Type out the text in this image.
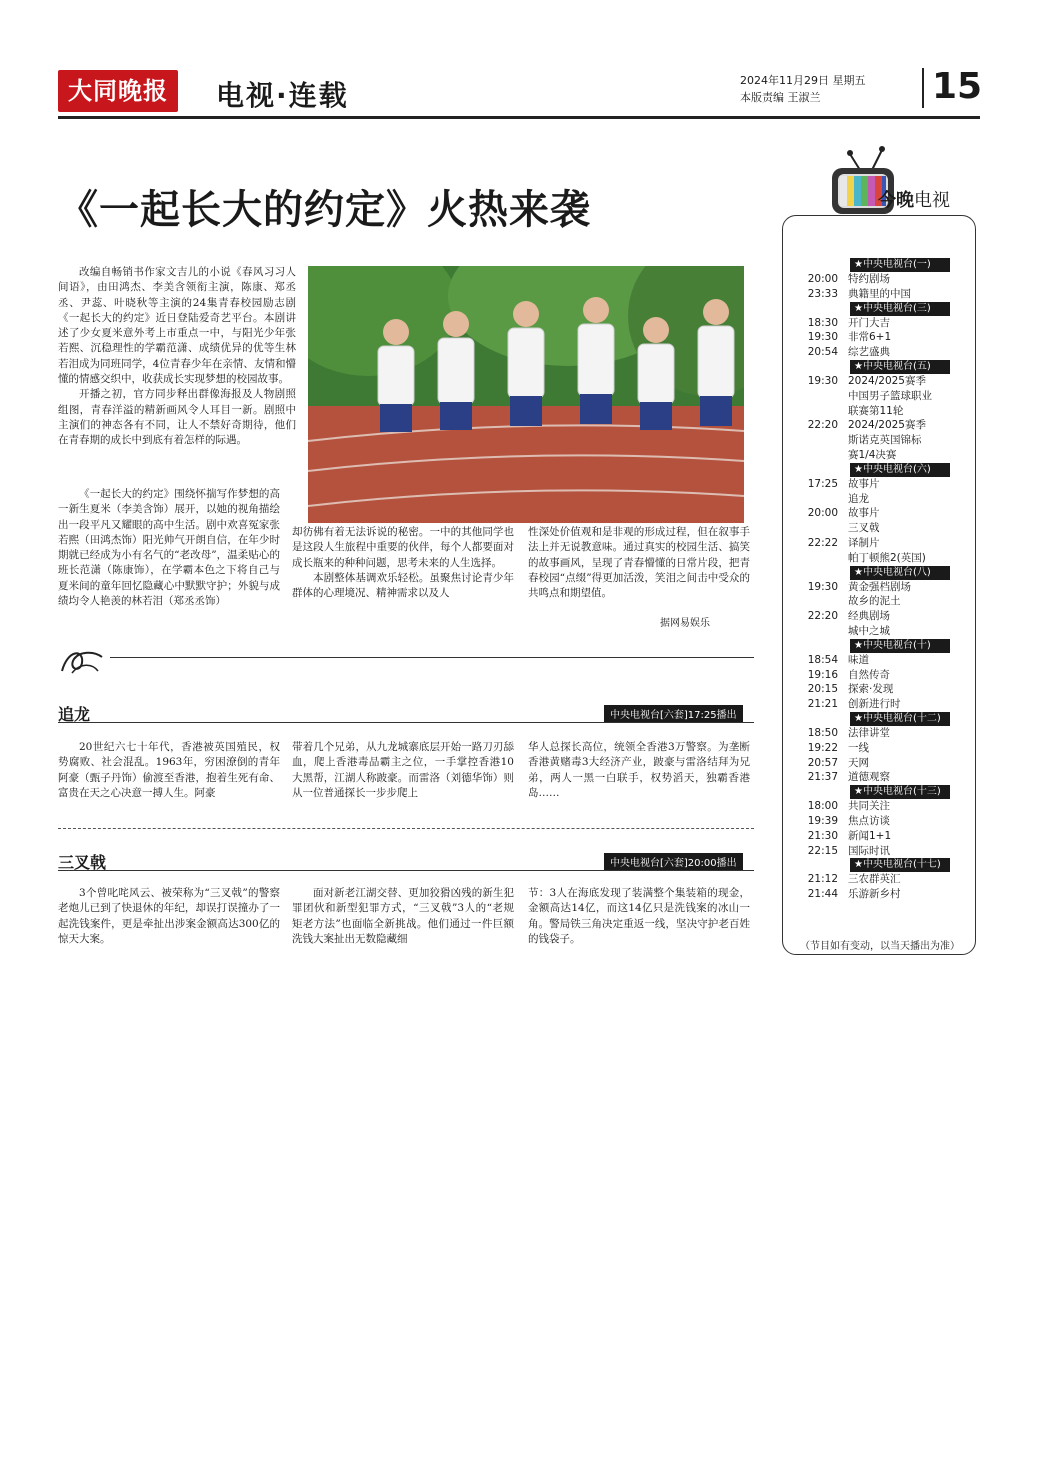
大同晚报	电视·连载	2024年11月29日 星期五
本版责编 王淑兰	15
《一起长大的约定》火热来袭

改编自畅销书作家文吉儿的小说《春风习习人间语》，由田鸿杰、李美含领衔主演，陈康、郑丞丞、尹蕊、叶晓秋等主演的24集青春校园励志剧《一起长大的约定》近日登陆爱奇艺平台。本剧讲述了少女夏米意外考上市重点一中，与阳光少年张若熙、沉稳理性的学霸范潇、成绩优异的优等生林若泪成为同班同学，4位青春少年在亲情、友情和懵懂的情感交织中，收获成长实现梦想的校园故事。

开播之初，官方同步释出群像海报及人物剧照组图，青春洋溢的精新画风令人耳目一新。剧照中主演们的神态各有不同，让人不禁好奇期待，他们在青春期的成长中到底有着怎样的际遇。

《一起长大的约定》围绕怀揣写作梦想的高一新生夏米（李美含饰）展开，以她的视角描绘出一段平凡又耀眼的高中生活。剧中欢喜冤家张若熙（田鸿杰饰）阳光帅气开朗自信，在年少时期就已经成为小有名气的“老改母”，温柔贴心的班长范潇（陈康饰），在学霸本色之下将自己与夏米间的童年回忆隐藏心中默默守护；外貌与成绩均令人艳羡的林若泪（郑丞丞饰）

却彷佛有着无法诉说的秘密。一中的其他同学也是这段人生旅程中重要的伙伴，每个人都要面对成长瓶来的种种问题，思考未来的人生选择。

本剧整体基调欢乐轻松。虽聚焦讨论青少年群体的心理境况、精神需求以及人

性深处价值观和是非观的形成过程，但在叙事手法上并无说教意味。通过真实的校园生活、搞笑的故事画风，呈现了青春懵懂的日常片段，把青春校园“点缀”得更加活泼，笑泪之间击中受众的共鸣点和期望值。

据网易娱乐
追龙	中央电视台[六套]17:25播出
20世纪六七十年代，香港被英国殖民，权势腐败、社会混乱。1963年，穷困潦倒的青年阿豪（甄子丹饰）偷渡至香港，抱着生死有命、富贵在天之心决意一搏人生。阿豪
带着几个兄弟，从九龙城寨底层开始一路刀刃舔血，爬上香港毒品霸主之位，一手掌控香港10大黑帮，江湖人称跛豪。而雷洛（刘德华饰）则从一位普通探长一步步爬上
华人总探长高位，统领全香港3万警察。为垄断香港黄赌毒3大经济产业，跛豪与雷洛结拜为兄弟，两人一黑一白联手，权势滔天，独霸香港岛……
三叉戟	中央电视台[六套]20:00播出
3个曾叱咤风云、被荣称为“三叉戟”的警察老炮儿已到了快退休的年纪，却误打误撞办了一起洗钱案件，更是牵扯出涉案金额高达300亿的惊天大案。
面对新老江湖交替、更加狡猾凶残的新生犯罪团伙和新型犯罪方式，“三叉戟”3人的“老规矩老方法”也面临全新挑战。他们通过一件巨额洗钱大案扯出无数隐藏细
节：3人在海底发现了装满整个集装箱的现金，金额高达14亿，而这14亿只是洗钱案的冰山一角。警局铁三角决定重返一线，坚决守护老百姓的钱袋子。
今晚电视
★中央电视台(一)
20:00 特约剧场
23:33 典籍里的中国
★中央电视台(三)
18:30 开门大吉
19:30 非常6+1
20:54 综艺盛典
★中央电视台(五)
19:30 2024/2025赛季
中国男子篮球职业
联赛第11轮
22:20 2024/2025赛季
斯诺克英国锦标
赛1/4决赛
★中央电视台(六)
17:25 故事片
追龙
20:00 故事片
三叉戟
22:22 译制片
帕丁顿熊2(英国)
★中央电视台(八)
19:30 黄金强档剧场
故乡的泥土
22:20 经典剧场
城中之城
★中央电视台(十)
18:54 味道
19:16 自然传奇
20:15 探索·发现
21:21 创新进行时
★中央电视台(十二)
18:50 法律讲堂
19:22 一线
20:57 天网
21:37 道德观察
★中央电视台(十三)
18:00 共同关注
19:39 焦点访谈
21:30 新闻1+1
22:15 国际时讯
★中央电视台(十七)
21:12 三农群英汇
21:44 乐游新乡村
（节目如有变动，以当天播出为准）
